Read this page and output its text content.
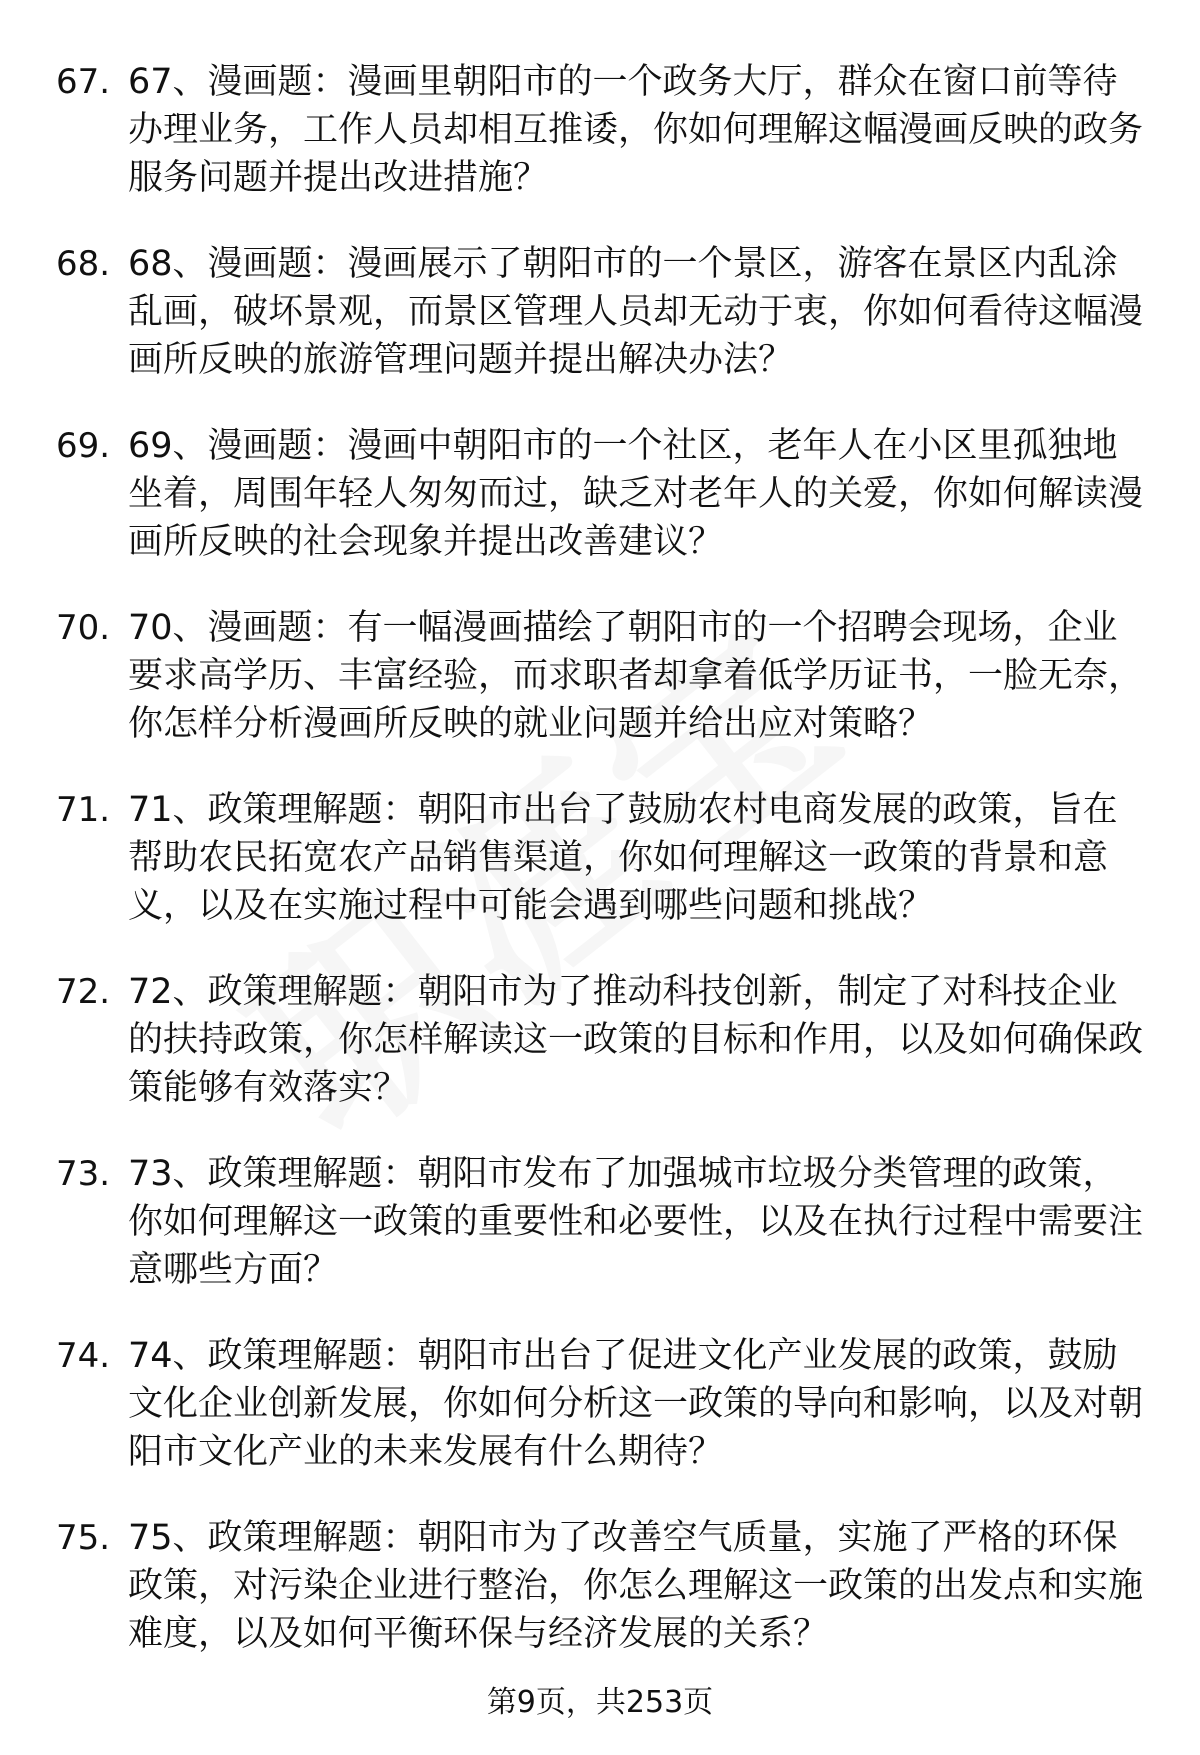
67. 67、漫画题：漫画里朝阳市的一个政务大厅，群众在窗口前等待办理业务，工作人员却相互推诿，你如何理解这幅漫画反映的政务服务问题并提出改进措施？
68. 68、漫画题：漫画展示了朝阳市的一个景区，游客在景区内乱涂乱画，破坏景观，而景区管理人员却无动于衷，你如何看待这幅漫画所反映的旅游管理问题并提出解决办法？
69. 69、漫画题：漫画中朝阳市的一个社区，老年人在小区里孤独地坐着，周围年轻人匆匆而过，缺乏对老年人的关爱，你如何解读漫画所反映的社会现象并提出改善建议？
70. 70、漫画题：有一幅漫画描绘了朝阳市的一个招聘会现场，企业要求高学历、丰富经验，而求职者却拿着低学历证书，一脸无奈，你怎样分析漫画所反映的就业问题并给出应对策略？
71. 71、政策理解题：朝阳市出台了鼓励农村电商发展的政策，旨在帮助农民拓宽农产品销售渠道，你如何理解这一政策的背景和意义，以及在实施过程中可能会遇到哪些问题和挑战？
72. 72、政策理解题：朝阳市为了推动科技创新，制定了对科技企业的扶持政策，你怎样解读这一政策的目标和作用，以及如何确保政策能够有效落实？
73. 73、政策理解题：朝阳市发布了加强城市垃圾分类管理的政策，你如何理解这一政策的重要性和必要性，以及在执行过程中需要注意哪些方面？
74. 74、政策理解题：朝阳市出台了促进文化产业发展的政策，鼓励文化企业创新发展，你如何分析这一政策的导向和影响，以及对朝阳市文化产业的未来发展有什么期待？
75. 75、政策理解题：朝阳市为了改善空气质量，实施了严格的环保政策，对污染企业进行整治，你怎么理解这一政策的出发点和实施难度，以及如何平衡环保与经济发展的关系？
第9页，共253页
